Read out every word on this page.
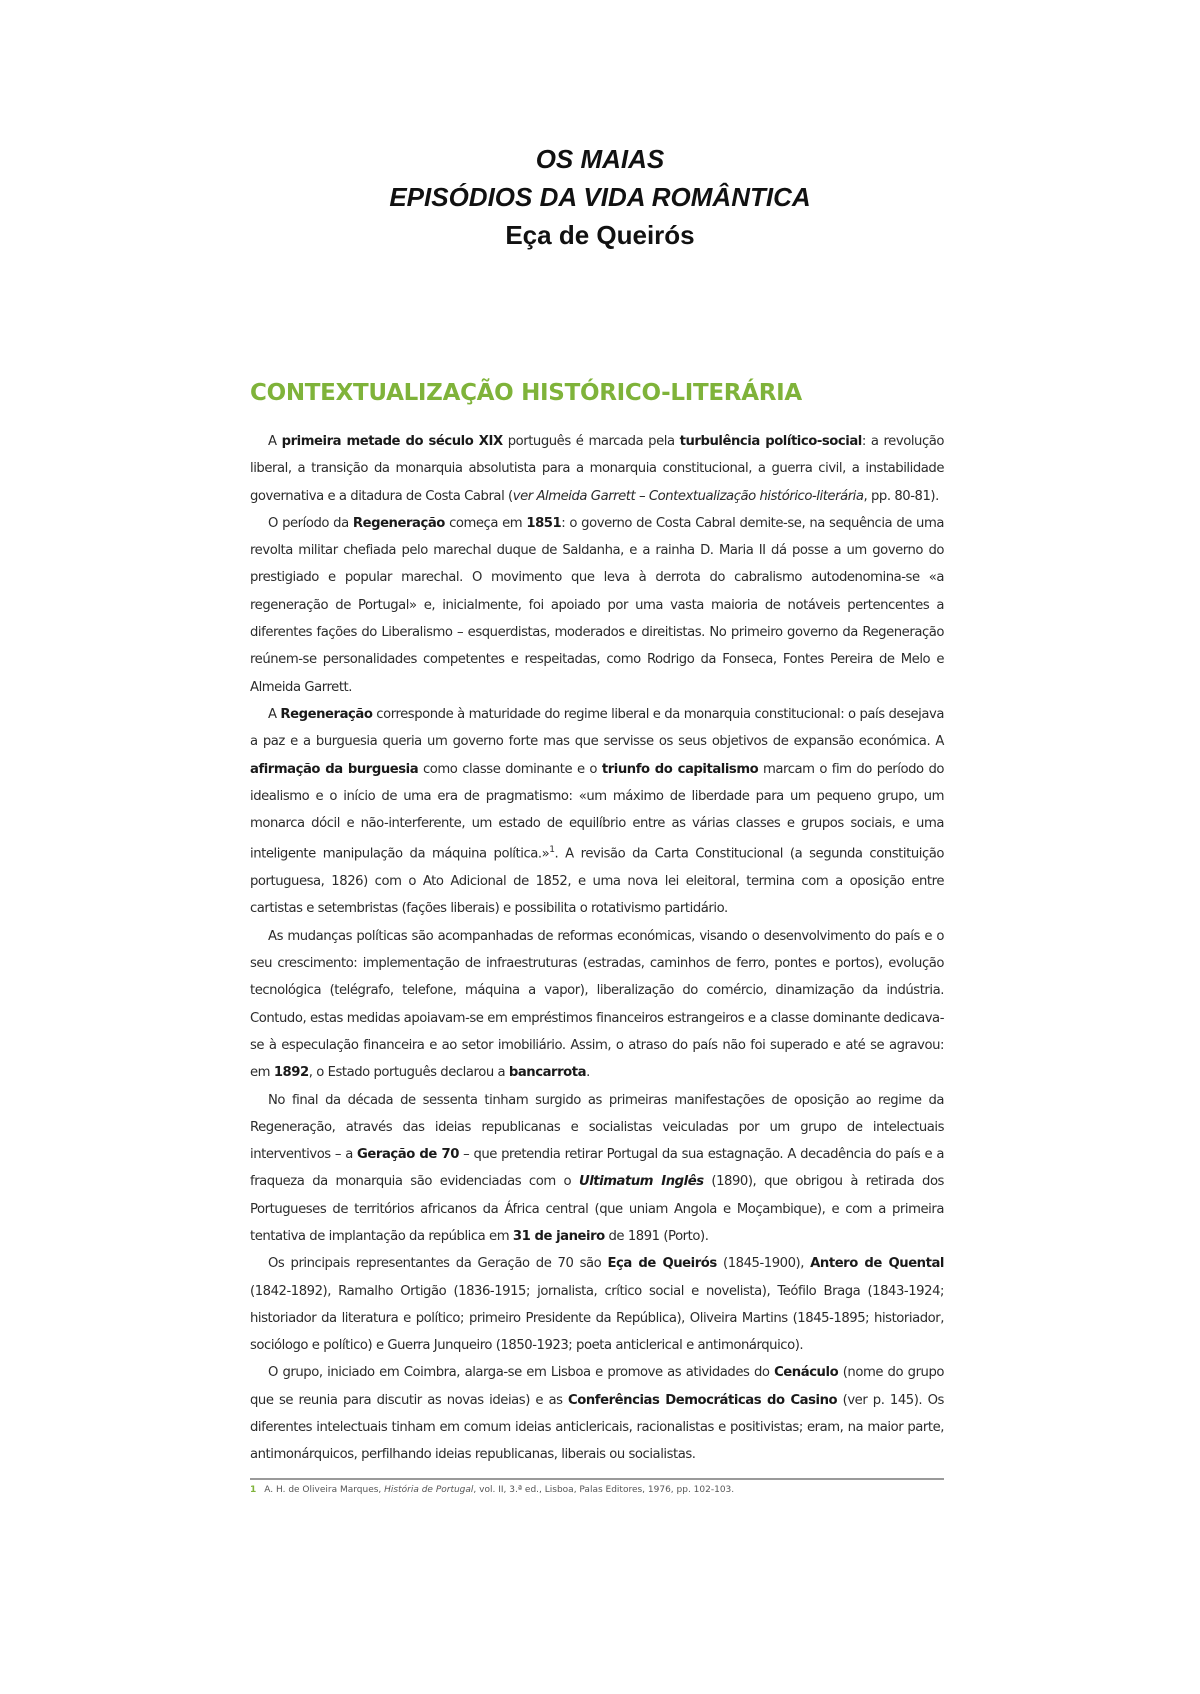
OS MAIAS
EPISÓDIOS DA VIDA ROMÂNTICA
Eça de Queirós
CONTEXTUALIZAÇÃO HISTÓRICO-LITERÁRIA

A primeira metade do século XIX português é marcada pela turbulência político-social: a revolução liberal, a transição da monarquia absolutista para a monarquia constitucional, a guerra civil, a instabilidade governativa e a ditadura de Costa Cabral (ver Almeida Garrett – Contextualização histórico-literária, pp. 80-81).

O período da Regeneração começa em 1851: o governo de Costa Cabral demite-se, na sequência de uma revolta militar chefiada pelo marechal duque de Saldanha, e a rainha D. Maria II dá posse a um governo do prestigiado e popular marechal. O movimento que leva à derrota do cabralismo autodenomina-se «a regeneração de Portugal» e, inicialmente, foi apoiado por uma vasta maioria de notáveis pertencentes a diferentes fações do Liberalismo – esquerdistas, moderados e direitistas. No primeiro governo da Regeneração reúnem-se personalidades competentes e respeitadas, como Rodrigo da Fonseca, Fontes Pereira de Melo e Almeida Garrett.

A Regeneração corresponde à maturidade do regime liberal e da monarquia constitucional: o país desejava a paz e a burguesia queria um governo forte mas que servisse os seus objetivos de expansão económica. A afirmação da burguesia como classe dominante e o triunfo do capitalismo marcam o fim do período do idealismo e o início de uma era de pragmatismo: «um máximo de liberdade para um pequeno grupo, um monarca dócil e não-interferente, um estado de equilíbrio entre as várias classes e grupos sociais, e uma inteligente manipulação da máquina política.»$^1$. A revisão da Carta Constitucional (a segunda constituição portuguesa, 1826) com o Ato Adicional de 1852, e uma nova lei eleitoral, termina com a oposição entre cartistas e setembristas (fações liberais) e possibilita o rotativismo partidário.

As mudanças políticas são acompanhadas de reformas económicas, visando o desenvolvimento do país e o seu crescimento: implementação de infraestruturas (estradas, caminhos de ferro, pontes e portos), evolução tecnológica (telégrafo, telefone, máquina a vapor), liberalização do comércio, dinamização da indústria. Contudo, estas medidas apoiavam-se em empréstimos financeiros estrangeiros e a classe dominante dedicava-se à especulação financeira e ao setor imobiliário. Assim, o atraso do país não foi superado e até se agravou: em 1892, o Estado português declarou a bancarrota.

No final da década de sessenta tinham surgido as primeiras manifestações de oposição ao regime da Regeneração, através das ideias republicanas e socialistas veiculadas por um grupo de intelectuais interventivos – a Geração de 70 – que pretendia retirar Portugal da sua estagnação. A decadência do país e a fraqueza da monarquia são evidenciadas com o Ultimatum Inglês (1890), que obrigou à retirada dos Portugueses de territórios africanos da África central (que uniam Angola e Moçambique), e com a primeira tentativa de implantação da república em 31 de janeiro de 1891 (Porto).

Os principais representantes da Geração de 70 são Eça de Queirós (1845-1900), Antero de Quental (1842-1892), Ramalho Ortigão (1836-1915; jornalista, crítico social e novelista), Teófilo Braga (1843-1924; historiador da literatura e político; primeiro Presidente da República), Oliveira Martins (1845-1895; historiador, sociólogo e político) e Guerra Junqueiro (1850-1923; poeta anticlerical e antimonárquico).

O grupo, iniciado em Coimbra, alarga-se em Lisboa e promove as atividades do Cenáculo (nome do grupo que se reunia para discutir as novas ideias) e as Conferências Democráticas do Casino (ver p. 145). Os diferentes intelectuais tinham em comum ideias anticlericais, racionalistas e positivistas; eram, na maior parte, antimonárquicos, perfilhando ideias republicanas, liberais ou socialistas.

1 A. H. de Oliveira Marques, História de Portugal, vol. II, 3.ª ed., Lisboa, Palas Editores, 1976, pp. 102-103.
